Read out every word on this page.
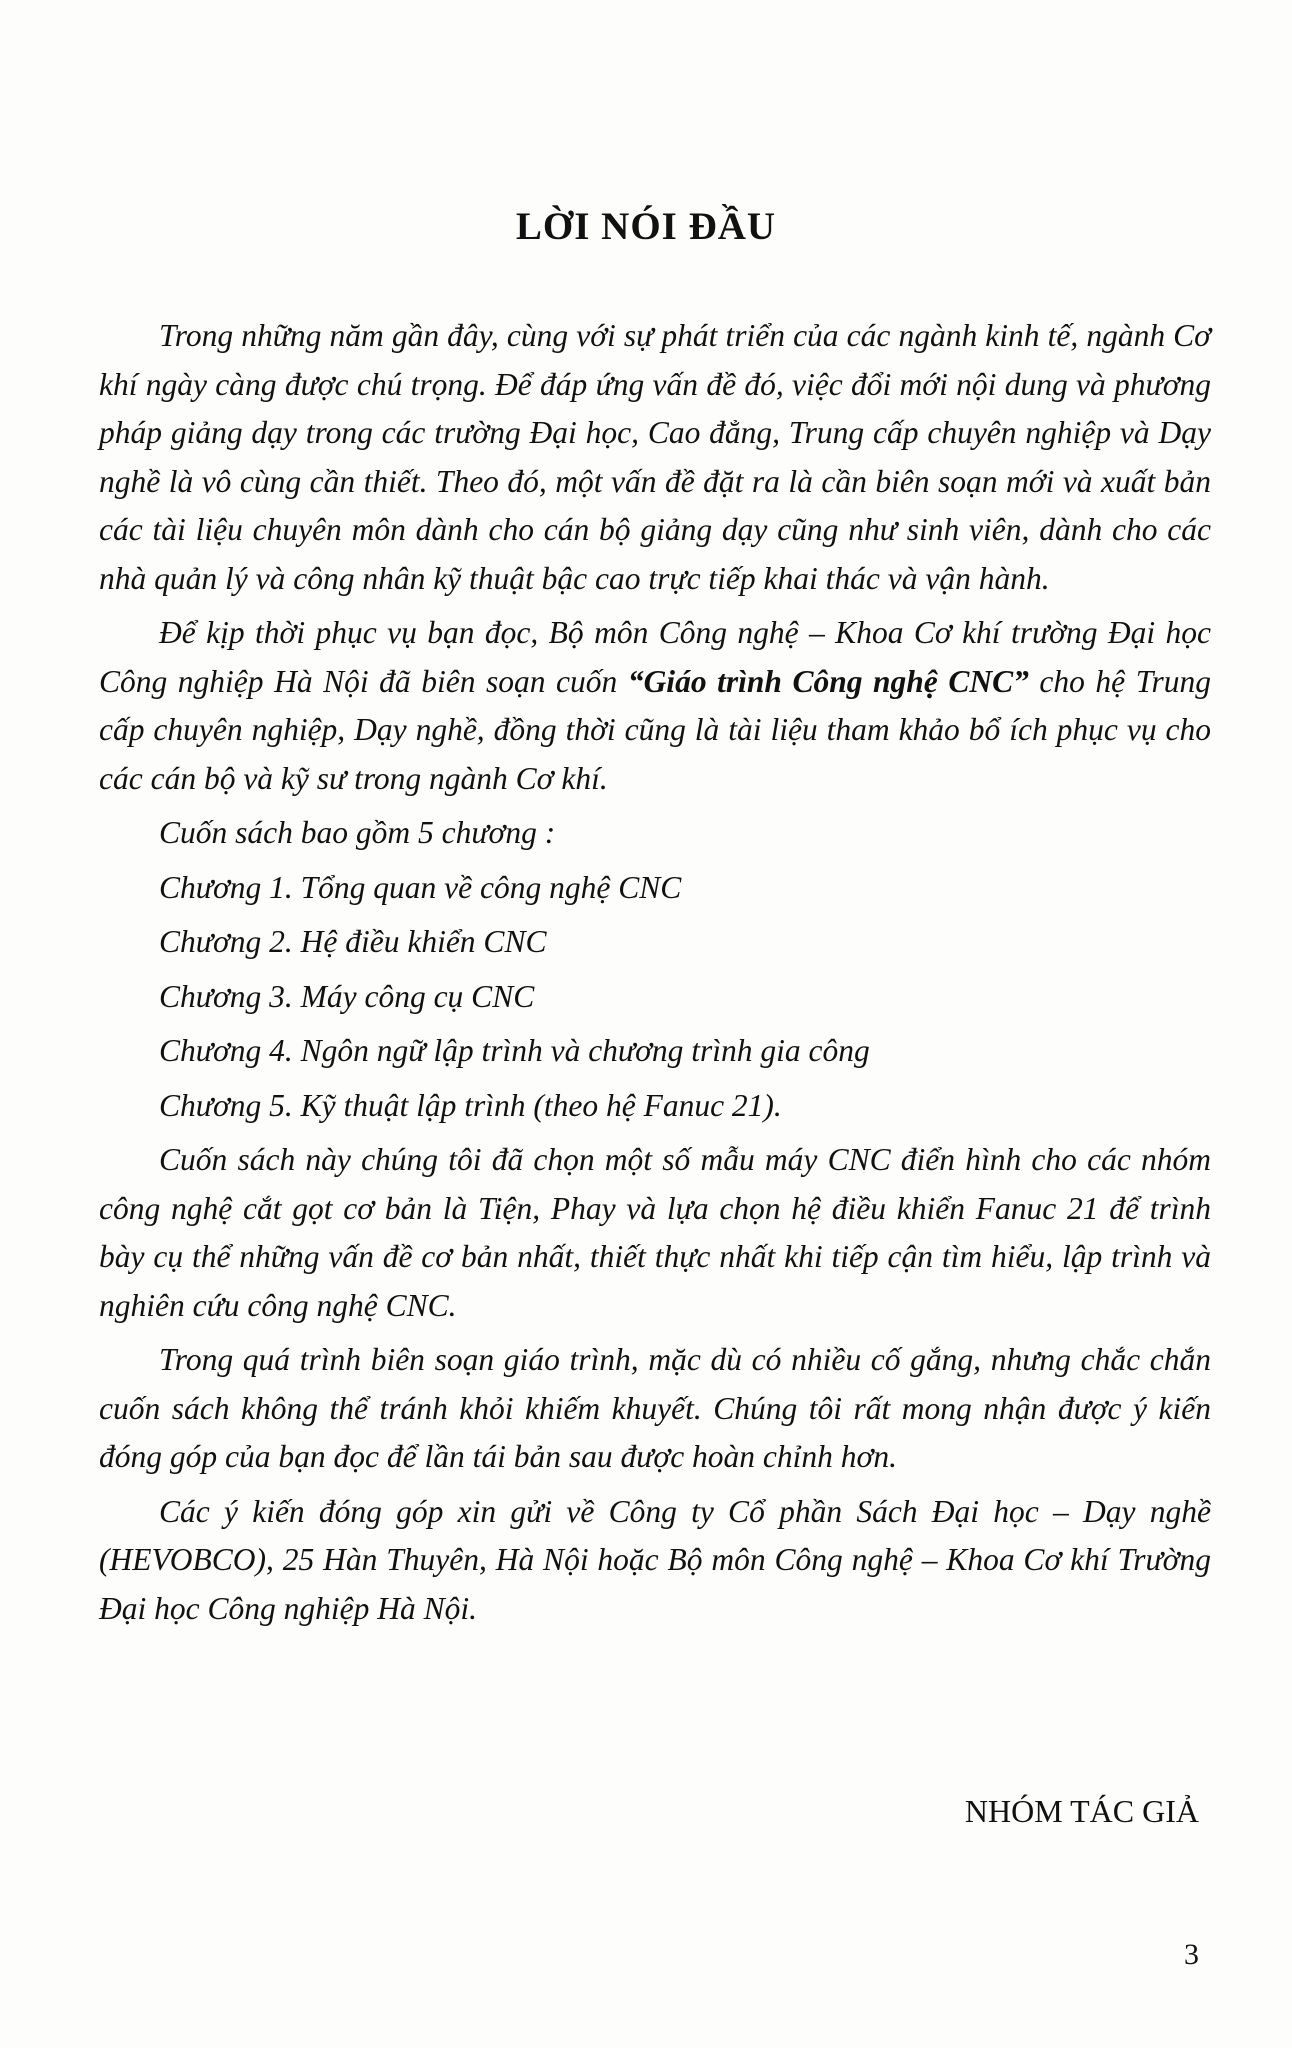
LỜI NÓI ĐẦU

Trong những năm gần đây, cùng với sự phát triển của các ngành kinh tế, ngành Cơ khí ngày càng được chú trọng. Để đáp ứng vấn đề đó, việc đổi mới nội dung và phương pháp giảng dạy trong các trường Đại học, Cao đẳng, Trung cấp chuyên nghiệp và Dạy nghề là vô cùng cần thiết. Theo đó, một vấn đề đặt ra là cần biên soạn mới và xuất bản các tài liệu chuyên môn dành cho cán bộ giảng dạy cũng như sinh viên, dành cho các nhà quản lý và công nhân kỹ thuật bậc cao trực tiếp khai thác và vận hành.

Để kịp thời phục vụ bạn đọc, Bộ môn Công nghệ – Khoa Cơ khí trường Đại học Công nghiệp Hà Nội đã biên soạn cuốn “Giáo trình Công nghệ CNC” cho hệ Trung cấp chuyên nghiệp, Dạy nghề, đồng thời cũng là tài liệu tham khảo bổ ích phục vụ cho các cán bộ và kỹ sư trong ngành Cơ khí.

Cuốn sách bao gồm 5 chương :

Chương 1. Tổng quan về công nghệ CNC

Chương 2. Hệ điều khiển CNC

Chương 3. Máy công cụ CNC

Chương 4. Ngôn ngữ lập trình và chương trình gia công

Chương 5. Kỹ thuật lập trình (theo hệ Fanuc 21).

Cuốn sách này chúng tôi đã chọn một số mẫu máy CNC điển hình cho các nhóm công nghệ cắt gọt cơ bản là Tiện, Phay và lựa chọn hệ điều khiển Fanuc 21 để trình bày cụ thể những vấn đề cơ bản nhất, thiết thực nhất khi tiếp cận tìm hiểu, lập trình và nghiên cứu công nghệ CNC.

Trong quá trình biên soạn giáo trình, mặc dù có nhiều cố gắng, nhưng chắc chắn cuốn sách không thể tránh khỏi khiếm khuyết. Chúng tôi rất mong nhận được ý kiến đóng góp của bạn đọc để lần tái bản sau được hoàn chỉnh hơn.

Các ý kiến đóng góp xin gửi về Công ty Cổ phần Sách Đại học – Dạy nghề (HEVOBCO), 25 Hàn Thuyên, Hà Nội hoặc Bộ môn Công nghệ – Khoa Cơ khí Trường Đại học Công nghiệp Hà Nội.

NHÓM TÁC GIẢ

3
